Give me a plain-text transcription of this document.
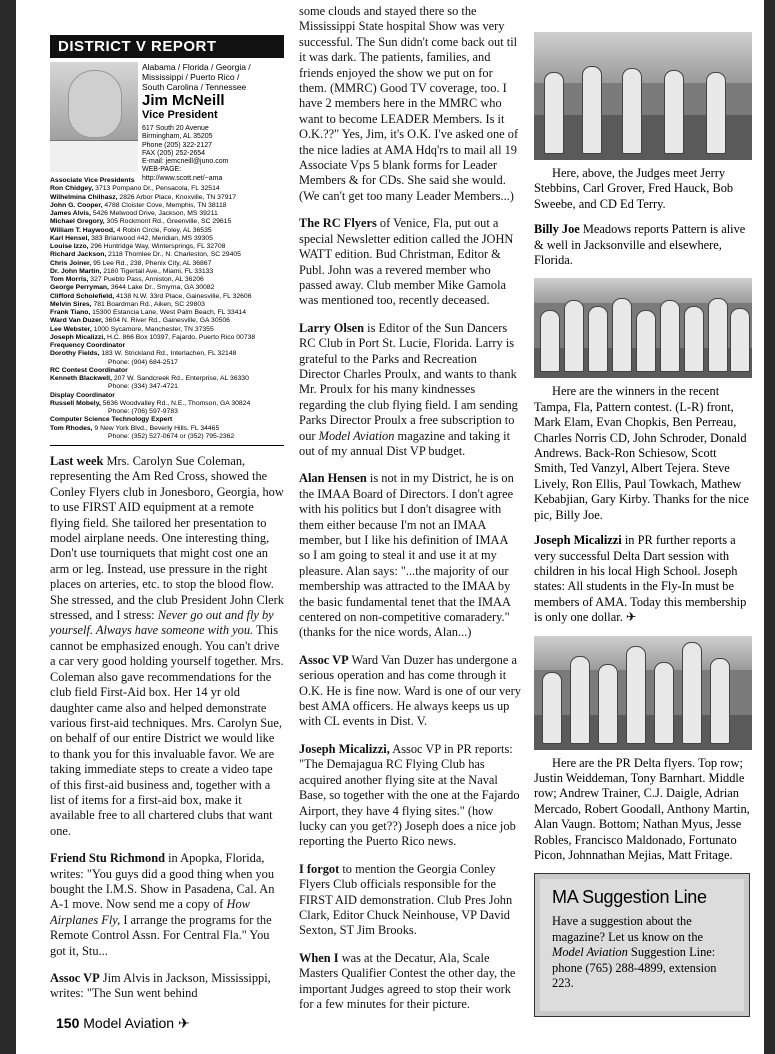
DISTRICT V REPORT
Alabama / Florida / Georgia /
Mississippi / Puerto Rico /
South Carolina / Tennessee
Jim McNeill
Vice President
617 South 20 Avenue
Birmingham, AL 35205
Phone (205) 322-2127
FAX (205) 252-2654
E-mail: jemcneill@juno.com
WEB-PAGE:
http://www.scott.net/~ama
Associate Vice Presidents
Ron Chidgey, 3713 Pompano Dr., Pensacola, FL 32514
Wilhelmina Chilhasz, 2826 Arbor Place, Knoxville, TN 37917
John G. Cooper, 4788 Cloister Cove, Memphis, TN 38118
James Alvis, 5426 Melwood Drive, Jackson, MS 39211
Michael Gregory, 305 Rockmont Rd., Greenville, SC 29615
William T. Haywood, 4 Robin Circle, Foley, AL 36535
Karl Hensel, 383 Briarwood #42, Meridian, MS 39305
Louise Izzo, 296 Huntridge Way, Wintersprings, FL 32708
Richard Jackson, 2118 Thomlee Dr., N. Charleston, SC 29405
Chris Joiner, 95 Lee Rd., 238, Phenix City, AL 36867
Dr. John Martin, 2180 Tigertail Ave., Miami, FL 33133
Tom Morris, 327 Pueblo Pass, Anniston, AL 36206
George Perryman, 3644 Lake Dr., Smyrna, GA 30082
Clifford Scholefield, 4138 N.W. 33rd Place, Gainesville, FL 32606
Melvin Sires, 781 Boardman Rd., Aiken, SC 29803
Frank Tiano, 15300 Estancia Lane, West Palm Beach, FL 33414
Ward Van Duzer, 3604 N. River Rd., Gainesville, GA 30506
Lee Webster, 1000 Sycamore, Manchester, TN 37355
Joseph Micalizzi, H.C. 866 Box 10397, Fajardo, Puerto Rico 00738
Frequency Coordinator
Dorothy Fields, 183 W. Strickland Rd., Interlachen, FL 32148
Phone: (904) 684-2517
RC Contest Coordinator
Kenneth Blackwell, 207 W. Sandcreek Rd., Enterprise, AL 36330
Phone: (334) 347-4721
Display Coordinator
Russell Mobely, 5636 Woodvalley Rd., N.E., Thomson, GA 30824
Phone: (706) 597-9783
Computer Science Technology Expert
Tom Rhodes, 9 New York Blvd., Beverly Hills, FL 34465
Phone: (352) 527-0674 or (352) 795-2362

Last week Mrs. Carolyn Sue Coleman, representing the Am Red Cross, showed the Conley Flyers club in Jonesboro, Georgia, how to use FIRST AID equipment at a remote flying field. She tailored her presentation to model airplane needs. One interesting thing, Don't use tourniquets that might cost one an arm or leg. Instead, use pressure in the right places on arteries, etc. to stop the blood flow. She stressed, and the club President John Clerk stressed, and I stress: Never go out and fly by yourself. Always have someone with you. This cannot be emphasized enough. You can't drive a car very good holding yourself together. Mrs. Coleman also gave recommendations for the club field First-Aid box. Her 14 yr old daughter came also and helped demonstrate various first-aid techniques. Mrs. Carolyn Sue, on behalf of our entire District we would like to thank you for this invaluable favor. We are taking immediate steps to create a video tape of this first-aid business and, together with a list of items for a first-aid box, make it available free to all chartered clubs that want one.

Friend Stu Richmond in Apopka, Florida, writes: "You guys did a good thing when you bought the I.M.S. Show in Pasadena, Cal. An A-1 move. Now send me a copy of How Airplanes Fly, I arrange the programs for the Remote Control Assn. For Central Fla." You got it, Stu...

Assoc VP Jim Alvis in Jackson, Mississippi, writes: "The Sun went behind

some clouds and stayed there so the Mississippi State hospital Show was very successful. The Sun didn't come back out til it was dark. The patients, families, and friends enjoyed the show we put on for them. (MMRC) Good TV coverage, too. I have 2 members here in the MMRC who want to become LEADER Members. Is it O.K.??" Yes, Jim, it's O.K. I've asked one of the nice ladies at AMA Hdq'rs to mail all 19 Associate Vps 5 blank forms for Leader Members & for CDs. She said she would. (We can't get too many Leader Members...)

The RC Flyers of Venice, Fla, put out a special Newsletter edition called the JOHN WATT edition. Bud Christman, Editor & Publ. John was a revered member who passed away. Club member Mike Gamola was mentioned too, recently deceased.

Larry Olsen is Editor of the Sun Dancers RC Club in Port St. Lucie, Florida. Larry is grateful to the Parks and Recreation Director Charles Proulx, and wants to thank Mr. Proulx for his many kindnesses regarding the club flying field. I am sending Parks Director Proulx a free subscription to our Model Aviation magazine and taking it out of my annual Dist VP budget.

Alan Hensen is not in my District, he is on the IMAA Board of Directors. I don't agree with his politics but I don't disagree with them either because I'm not an IMAA member, but I like his definition of IMAA so I am going to steal it and use it at my pleasure. Alan says: "...the majority of our membership was attracted to the IMAA by the basic fundamental tenet that the IMAA centered on non-competitive comaradery." (thanks for the nice words, Alan...)

Assoc VP Ward Van Duzer has undergone a serious operation and has come through it O.K. He is fine now. Ward is one of our very best AMA officers. He always keeps us up with CL events in Dist. V.

Joseph Micalizzi, Assoc VP in PR reports: "The Demajagua RC Flying Club has acquired another flying site at the Naval Base, so together with the one at the Fajardo Airport, they have 4 flying sites." (how lucky can you get??) Joseph does a nice job reporting the Puerto Rico news.

I forgot to mention the Georgia Conley Flyers Club officials responsible for the FIRST AID demonstration. Club Pres John Clark, Editor Chuck Neinhouse, VP David Sexton, ST Jim Brooks.

When I was at the Decatur, Ala, Scale Masters Qualifier Contest the other day, the important Judges agreed to stop their work for a few minutes for their picture.

Here, above, the Judges meet Jerry Stebbins, Carl Grover, Fred Hauck, Bob Sweebe, and CD Ed Terry.
Billy Joe Meadows reports Pattern is alive & well in Jacksonville and elsewhere, Florida.
Here are the winners in the recent Tampa, Fla, Pattern contest. (L-R) front, Mark Elam, Evan Chopkis, Ben Perreau, Charles Norris CD, John Schroder, Donald Andrews. Back-Ron Schiesow, Scott Smith, Ted Vanzyl, Albert Tejera. Steve Lively, Ron Ellis, Paul Towkach, Mathew Kebabjian, Gary Kirby. Thanks for the nice pic, Billy Joe.
Joseph Micalizzi in PR further reports a very successful Delta Dart session with children in his local High School. Joseph states: All students in the Fly-In must be members of AMA. Today this membership is only one dollar. ✈
Here are the PR Delta flyers. Top row; Justin Weiddeman, Tony Barnhart. Middle row; Andrew Trainer, C.J. Daigle, Adrian Mercado, Robert Goodall, Anthony Martin, Alan Vaugn. Bottom; Nathan Myus, Jesse Robles, Francisco Maldonado, Fortunato Picon, Johnnathan Mejias, Matt Fritage.
MA Suggestion Line
Have a suggestion about the magazine? Let us know on the Model Aviation Suggestion Line: phone (765) 288-4899, extension 223.
150 Model Aviation ✈
